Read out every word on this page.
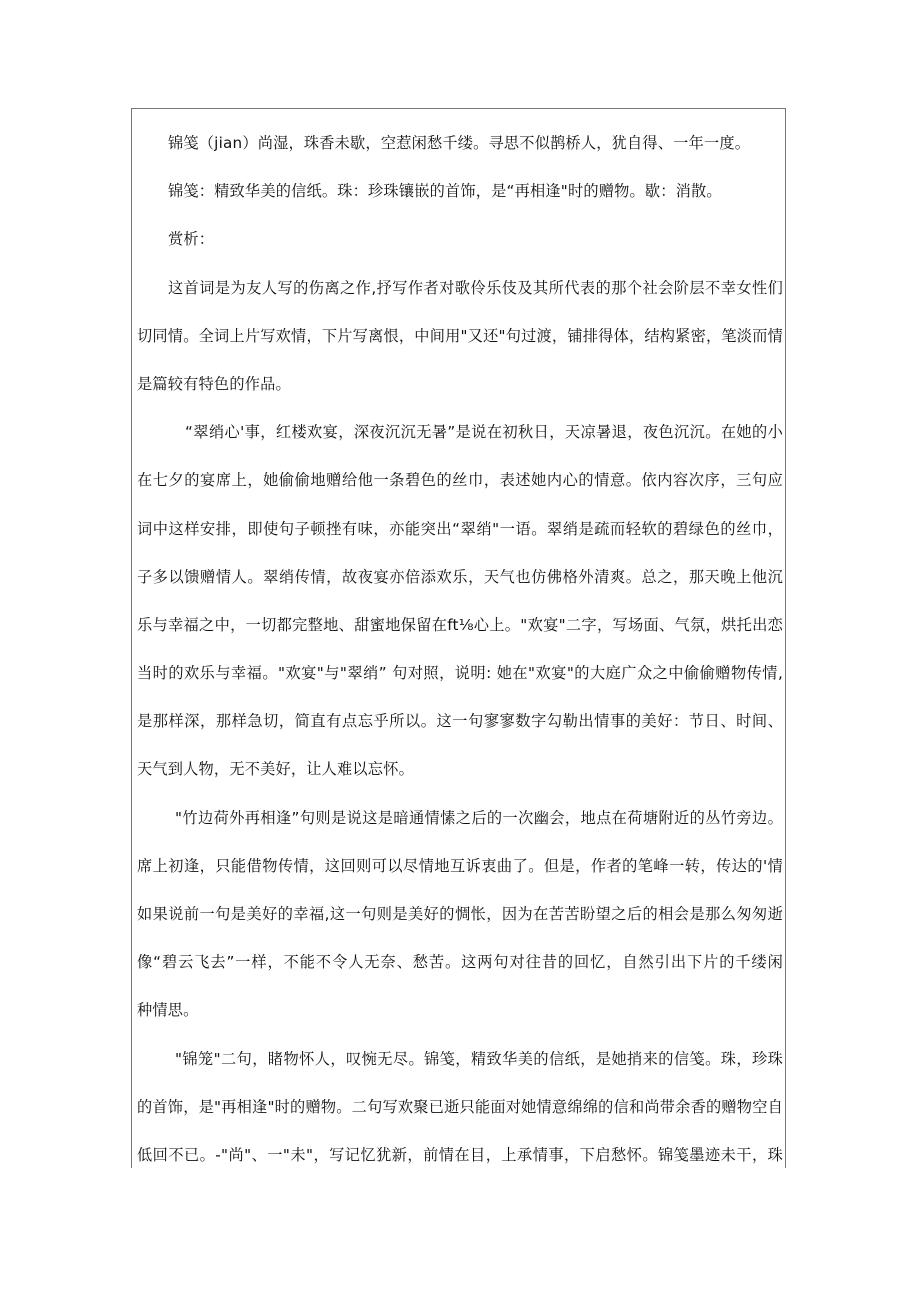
锦笺（jian）尚湿，珠香未歇，空惹闲愁千缕。寻思不似鹊桥人，犹自得、一年一度。
锦笺：精致华美的信纸。珠：珍珠镶嵌的首饰，是“再相逢"时的赠物。歇：消散。
赏析：
这首词是为友人写的伤离之作,抒写作者对歌伶乐伎及其所代表的那个社会阶层不幸女性们
切同情。全词上片写欢情，下片写离恨，中间用"又还"句过渡，铺排得体，结构紧密，笔淡而情
是篇较有特色的作品。
“翠绡心'事，红楼欢宴，深夜沉沉无暑”是说在初秋日，天凉暑退，夜色沉沉。在她的小
在七夕的宴席上，她偷偷地赠给他一条碧色的丝巾，表述她内心的情意。依内容次序，三句应
词中这样安排，即使句子顿挫有味，亦能突出“翠绡"一语。翠绡是疏而轻软的碧绿色的丝巾，
子多以馈赠情人。翠绡传情，故夜宴亦倍添欢乐，天气也仿佛格外清爽。总之，那天晚上他沉
乐与幸福之中，一切都完整地、甜蜜地保留在ft⅛心上。"欢宴"二字，写场面、气氛，烘托出恋
当时的欢乐与幸福。"欢宴"与"翠绡” 句对照，说明: 她在"欢宴"的大庭广众之中偷偷赠物传情,
是那样深，那样急切，简直有点忘乎所以。这一句寥寥数字勾勒出情事的美好：节日、时间、
天气到人物，无不美好，让人难以忘怀。
"竹边荷外再相逢”句则是说这是暗通情愫之后的一次幽会，地点在荷塘附近的丛竹旁边。
席上初逢，只能借物传情，这回则可以尽情地互诉衷曲了。但是，作者的笔峰一转，传达的'情
如果说前一句是美好的幸福,这一句则是美好的惆怅，因为在苦苦盼望之后的相会是那么匆匆逝
像“碧云飞去”一样，不能不令人无奈、愁苦。这两句对往昔的回忆，自然引出下片的千缕闲
种情思。
"锦笼"二句，睹物怀人，叹惋无尽。锦笺，精致华美的信纸，是她捎来的信笺。珠，珍珠
的首饰，是"再相逢"时的赠物。二句写欢聚已逝只能面对她情意绵绵的信和尚带余香的赠物空自
低回不已。-"尚"、一"未"，写记忆犹新，前情在目，上承情事，下启愁怀。锦笺墨迹未干，珠
